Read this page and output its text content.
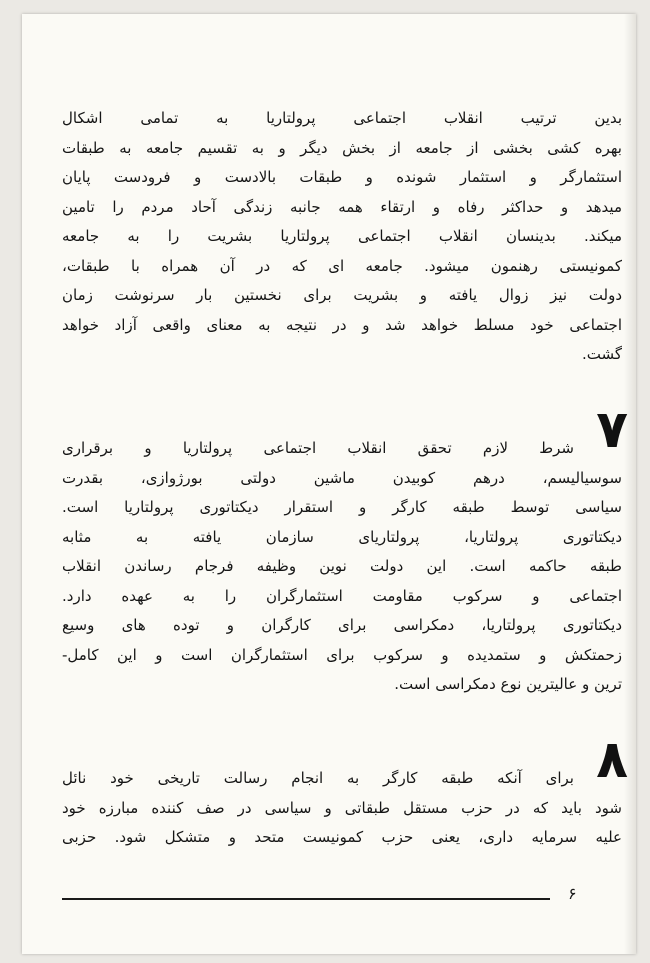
بدین ترتیب انقلاب اجتماعی پرولتاریا به تمامی اشکال
بهره کشی بخشی از جامعه از بخش دیگر و به تقسیم جامعه به طبقات
استثمارگر و استثمار شونده و طبقات بالادست و فرودست پایان
میدهد و حداکثر رفاه و ارتقاء همه جانبه زندگی آحاد مردم را تامین
میکند. بدینسان انقلاب اجتماعی پرولتاریا بشریت را به جامعه
کمونیستی رهنمون میشود. جامعه ای که در آن همراه با طبقات،
دولت نیز زوال یافته و بشریت برای نخستین بار سرنوشت زمان
اجتماعی خود مسلط خواهد شد و در نتیجه به معنای واقعی آزاد خواهد
گشت.
۷
شرط لازم تحقق انقلاب اجتماعی پرولتاریا و برقراری
سوسیالیسم، درهم کوبیدن ماشین دولتی بورژوازی، بقدرت
سیاسی توسط طبقه کارگر و استقرار دیکتاتوری پرولتاریا است.
دیکتاتوری پرولتاریا، پرولتاریای سازمان یافته به مثابه
طبقه حاکمه است. این دولت نوین وظیفه فرجام رساندن انقلاب
اجتماعی و سرکوب مقاومت استثمارگران را به عهده دارد.
دیکتاتوری پرولتاریا، دمکراسی برای کارگران و توده های وسیع
زحمتکش و ستمدیده و سرکوب برای استثمارگران است و این کامل-
ترین و عالیترین نوع دمکراسی است.
۸
برای آنکه طبقه کارگر به انجام رسالت تاریخی خود نائل
شود باید که در حزب مستقل طبقاتی و سیاسی در صف کننده مبارزه خود
علیه سرمایه داری، یعنی حزب کمونیست متحد و متشکل شود. حزبی
۶
